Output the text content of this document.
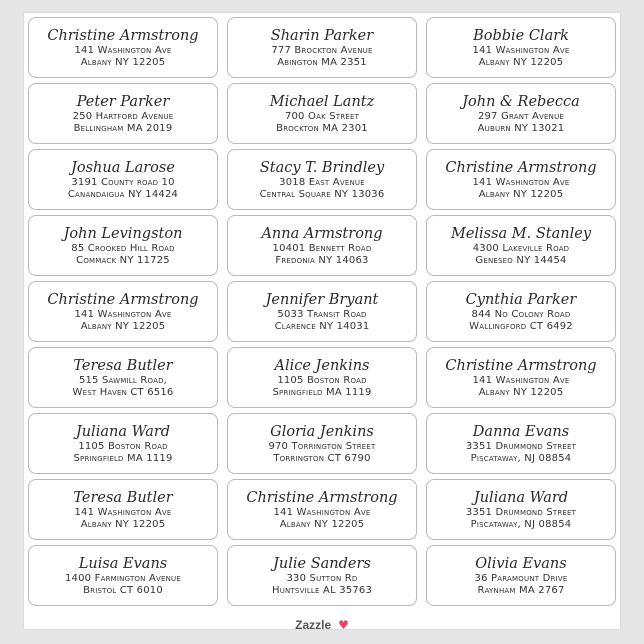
Christine Armstrong
141 Washington Ave
Albany NY 12205
Sharin Parker
777 Brockton Avenue
Abington MA 2351
Bobbie Clark
141 Washington Ave
Albany NY 12205
Peter Parker
250 Hartford Avenue
Bellingham MA 2019
Michael Lantz
700 Oak Street
Brockton MA 2301
John & Rebecca
297 Grant Avenue
Auburn NY 13021
Joshua Larose
3191 County road 10
Canandaigua NY 14424
Stacy T. Brindley
3018 East Avenue
Central Square NY 13036
Christine Armstrong
141 Washington Ave
Albany NY 12205
John Levingston
85 Crooked Hill Road
Commack NY 11725
Anna Armstrong
10401 Bennett Road
Fredonia NY 14063
Melissa M. Stanley
4300 Lakeville Road
Geneseo NY 14454
Christine Armstrong
141 Washington Ave
Albany NY 12205
Jennifer Bryant
5033 Transit Road
Clarence NY 14031
Cynthia Parker
844 No Colony Road
Wallingford CT 6492
Teresa Butler
515 Sawmill Road,
West Haven CT 6516
Alice Jenkins
1105 Boston Road
Springfield MA 1119
Christine Armstrong
141 Washington Ave
Albany NY 12205
Juliana Ward
1105 Boston Road
Springfield MA 1119
Gloria Jenkins
970 Torrington Street
Torrington CT 6790
Danna Evans
3351 Drummond Street
Piscataway, NJ 08854
Teresa Butler
141 Washington Ave
Albany NY 12205
Christine Armstrong
141 Washington Ave
Albany NY 12205
Juliana Ward
3351 Drummond Street
Piscataway, NJ 08854
Luisa Evans
1400 Farmington Avenue
Bristol CT 6010
Julie Sanders
330 Sutton Rd
Huntsville AL 35763
Olivia Evans
36 Paramount Drive
Raynham MA 2767
Zazzle ♥
